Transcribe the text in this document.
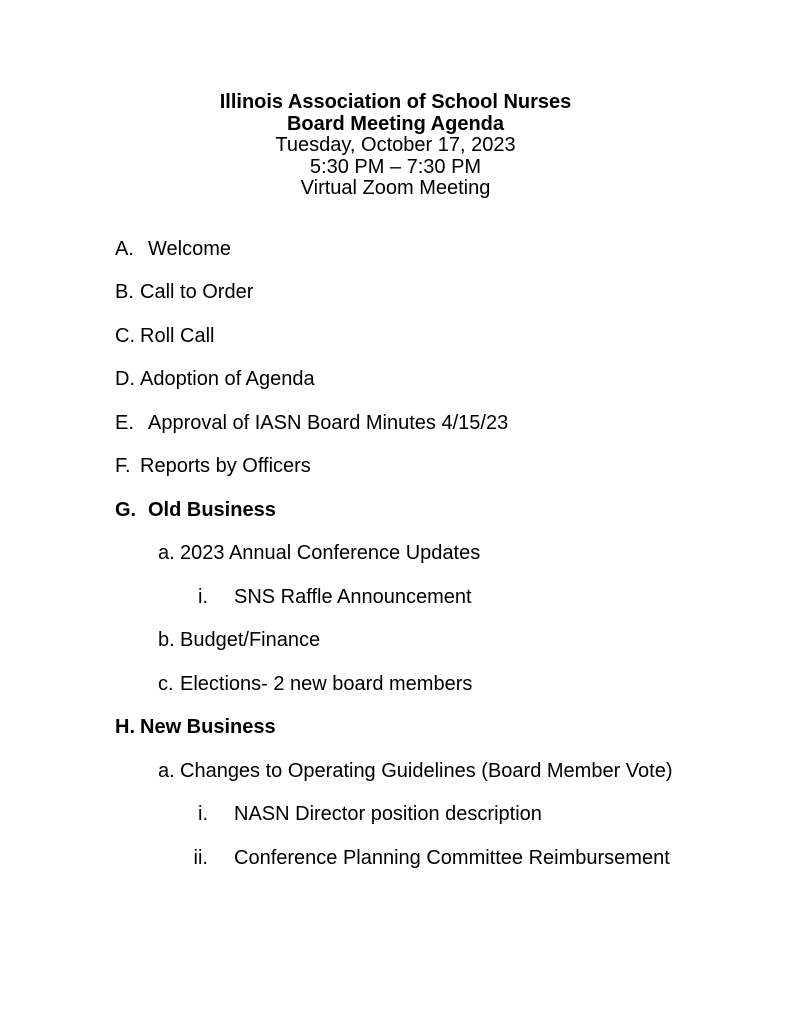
Illinois Association of School Nurses
Board Meeting Agenda
Tuesday, October 17, 2023
5:30 PM – 7:30 PM
Virtual Zoom Meeting
A. Welcome
B. Call to Order
C. Roll Call
D. Adoption of Agenda
E. Approval of IASN Board Minutes 4/15/23
F. Reports by Officers
G. Old Business
a. 2023 Annual Conference Updates
i. SNS Raffle Announcement
b. Budget/Finance
c. Elections- 2 new board members
H. New Business
a. Changes to Operating Guidelines (Board Member Vote)
i. NASN Director position description
ii. Conference Planning Committee Reimbursement
